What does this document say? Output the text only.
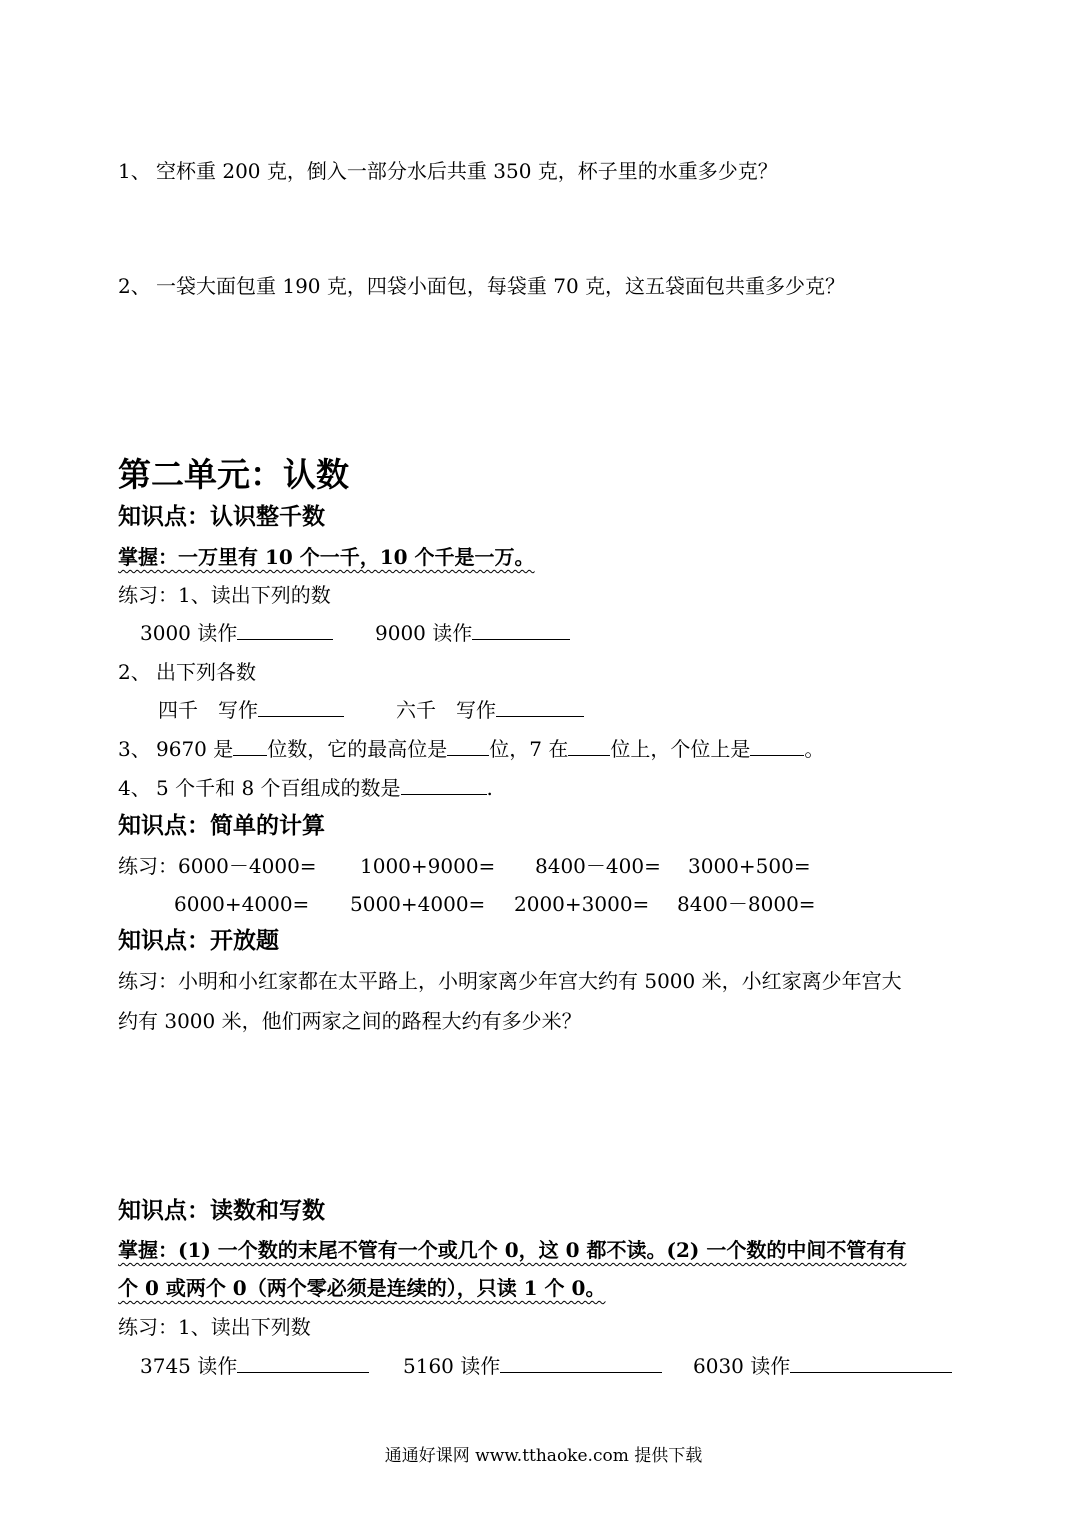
1、 空杯重 200 克，倒入一部分水后共重 350 克，杯子里的水重多少克？
2、 一袋大面包重 190 克，四袋小面包，每袋重 70 克，这五袋面包共重多少克？
第二单元：认数
知识点：认识整千数
掌握：一万里有 10 个一千，10 个千是一万。
练习：1、读出下列的数
3000 读作	9000 读作
2、 出下列各数
四千 写作	六千 写作
3、 9670 是 位数，它的最高位是 位，7 在 位上，个位上是	。
4、 5 个千和 8 个百组成的数是	.
知识点：简单的计算
练习：6000－4000= 1000+9000= 8400－400= 3000+500=
6000+4000= 5000+4000= 2000+3000= 8400－8000=
知识点：开放题
练习：小明和小红家都在太平路上，小明家离少年宫大约有 5000 米，小红家离少年宫大
约有 3000 米，他们两家之间的路程大约有多少米？
知识点：读数和写数
掌握：(1) 一个数的末尾不管有一个或几个 0，这 0 都不读。(2) 一个数的中间不管有有
个 0 或两个 0（两个零必须是连续的），只读 1 个 0。
练习：1、读出下列数
3745 读作	5160 读作	6030 读作
通通好课网 www.tthaoke.com 提供下载
